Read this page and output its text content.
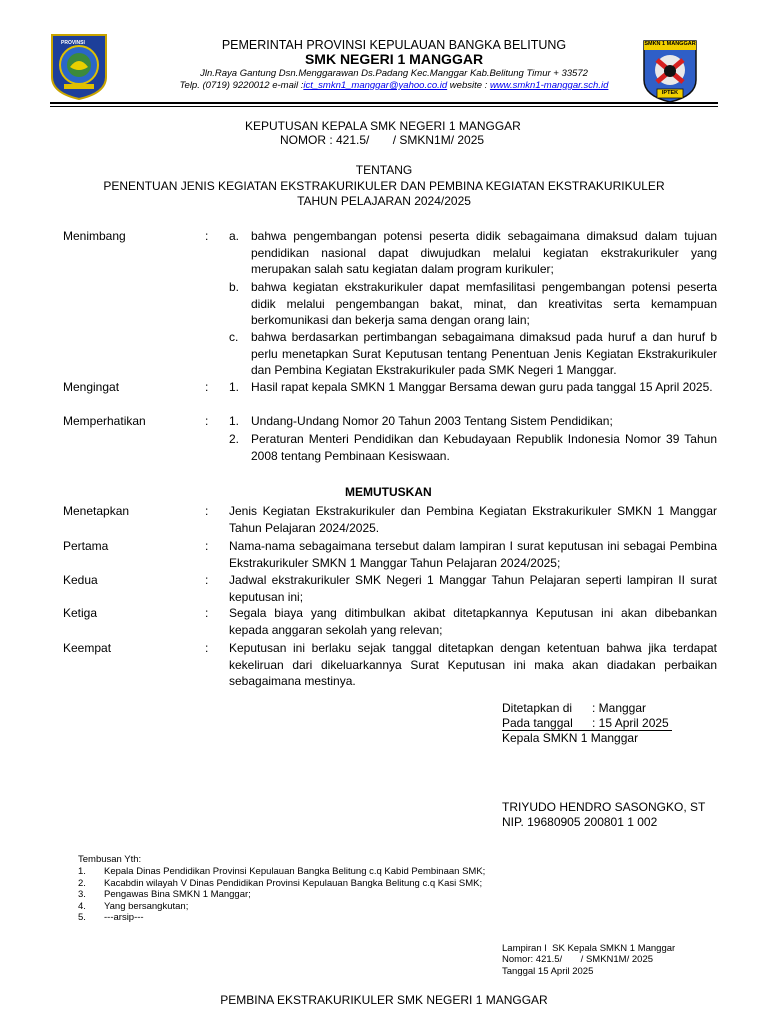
PROVINSI	PEMERINTAH PROVINSI KEPULAUAN BANGKA BELITUNG
SMK NEGERI 1 MANGGAR
Jln.Raya Gantung Dsn.Menggarawan Ds.Padang Kec.Manggar Kab.Belitung Timur + 33572
Telp. (0719) 9220012 e-mail :ict_smkn1_manggar@yahoo.co.id website : www.smkn1-manggar.sch.id
SMKN 1 MANGGAR
IPTEK
KEPUTUSAN KEPALA SMK NEGERI 1 MANGGAR
NOMOR : 421.5/       / SMKN1M/ 2025
TENTANG
PENENTUAN JENIS KEGIATAN EKSTRAKURIKULER DAN PEMBINA KEGIATAN EKSTRAKURIKULER
TAHUN PELAJARAN 2024/2025
Menimbang	: a. bahwa pengembangan potensi peserta didik sebagaimana dimaksud dalam tujuan pendidikan nasional dapat diwujudkan melalui kegiatan ekstrakurikuler yang merupakan salah satu kegiatan dalam program kurikuler;
b. bahwa kegiatan ekstrakurikuler dapat memfasilitasi pengembangan potensi peserta didik melalui pengembangan bakat, minat, dan kreativitas serta kemampuan berkomunikasi dan bekerja sama dengan orang lain;
c. bahwa berdasarkan pertimbangan sebagaimana dimaksud pada huruf a dan huruf b perlu menetapkan Surat Keputusan tentang Penentuan Jenis Kegiatan Ekstrakurikuler dan Pembina Kegiatan Ekstrakurikuler pada SMK Negeri 1 Manggar.
Mengingat	: 1. Hasil rapat kepala SMKN 1 Manggar Bersama dewan guru pada tanggal 15 April 2025.
Memperhatikan	: 1. Undang-Undang Nomor 20 Tahun 2003 Tentang Sistem Pendidikan;
2. Peraturan Menteri Pendidikan dan Kebudayaan Republik Indonesia Nomor 39 Tahun 2008 tentang Pembinaan Kesiswaan.
MEMUTUSKAN
Menetapkan	: Jenis Kegiatan Ekstrakurikuler dan Pembina Kegiatan Ekstrakurikuler SMKN 1 Manggar Tahun Pelajaran 2024/2025.
Pertama	: Nama-nama sebagaimana tersebut dalam lampiran I surat keputusan ini sebagai Pembina Ekstrakurikuler SMKN 1 Manggar Tahun Pelajaran 2024/2025;
Kedua	: Jadwal ekstrakurikuler SMK Negeri 1 Manggar Tahun Pelajaran seperti lampiran II surat keputusan ini;
Ketiga	: Segala biaya yang ditimbulkan akibat ditetapkannya Keputusan ini akan dibebankan kepada anggaran sekolah yang relevan;
Keempat	: Keputusan ini berlaku sejak tanggal ditetapkan dengan ketentuan bahwa jika terdapat kekeliruan dari dikeluarkannya Surat Keputusan ini maka akan diadakan perbaikan sebagaimana mestinya.
Ditetapkan di : Manggar
Pada tanggal : 15 April 2025
Kepala SMKN 1 Manggar
TRIYUDO HENDRO SASONGKO, ST
NIP. 19680905 200801 1 002
Tembusan Yth:
1. Kepala Dinas Pendidikan Provinsi Kepulauan Bangka Belitung c.q Kabid Pembinaan SMK;
2. Kacabdin wilayah V Dinas Pendidikan Provinsi Kepulauan Bangka Belitung c.q Kasi SMK;
3. Pengawas Bina SMKN 1 Manggar;
4. Yang bersangkutan;
5. ---arsip---
Lampiran I  SK Kepala SMKN 1 Manggar
Nomor: 421.5/       / SMKN1M/ 2025
Tanggal 15 April 2025
PEMBINA EKSTRAKURIKULER SMK NEGERI 1 MANGGAR
